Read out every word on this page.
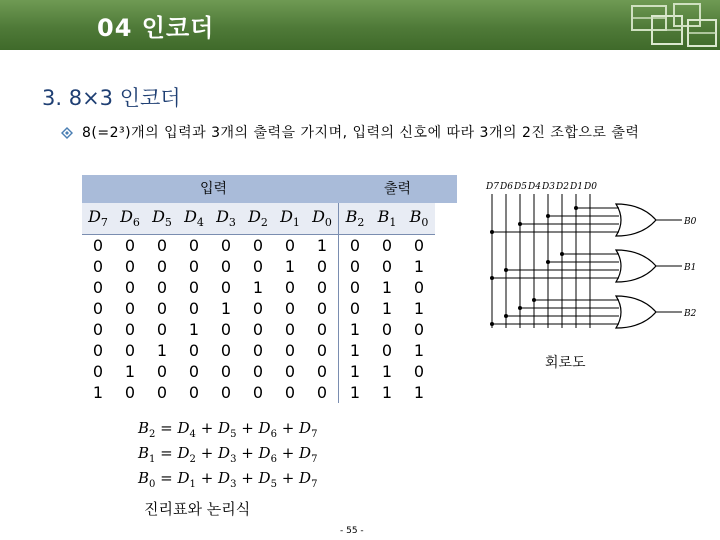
04 인코더
3. 8×3 인코더
8(=2³)개의 입력과 3개의 출력을 가지며, 입력의 신호에 따라 3개의 2진 조합으로 출력
입력	출력
$D_7$	$D_6$	$D_5$	$D_4$	$D_3$	$D_2$	$D_1$	$D_0$	$B_2$	$B_1$	$B_0$
0	0	0	0	0	0	0	1	0	0	0
0	0	0	0	0	0	1	0	0	0	1
0	0	0	0	0	1	0	0	0	1	0
0	0	0	0	1	0	0	0	0	1	1
0	0	0	1	0	0	0	0	1	0	0
0	0	1	0	0	0	0	0	1	0	1
0	1	0	0	0	0	0	0	1	1	0
1	0	0	0	0	0	0	0	1	1	1
$B_2 = D_4 + D_5 + D_6 + D_7$
$B_1 = D_2 + D_3 + D_6 + D_7$
$B_0 = D_1 + D_3 + D_5 + D_7$
진리표와 논리식
D7 D6 D5 D4 D3 D2 D1 D0
B0
B1
B2
회로도
- 55 -
